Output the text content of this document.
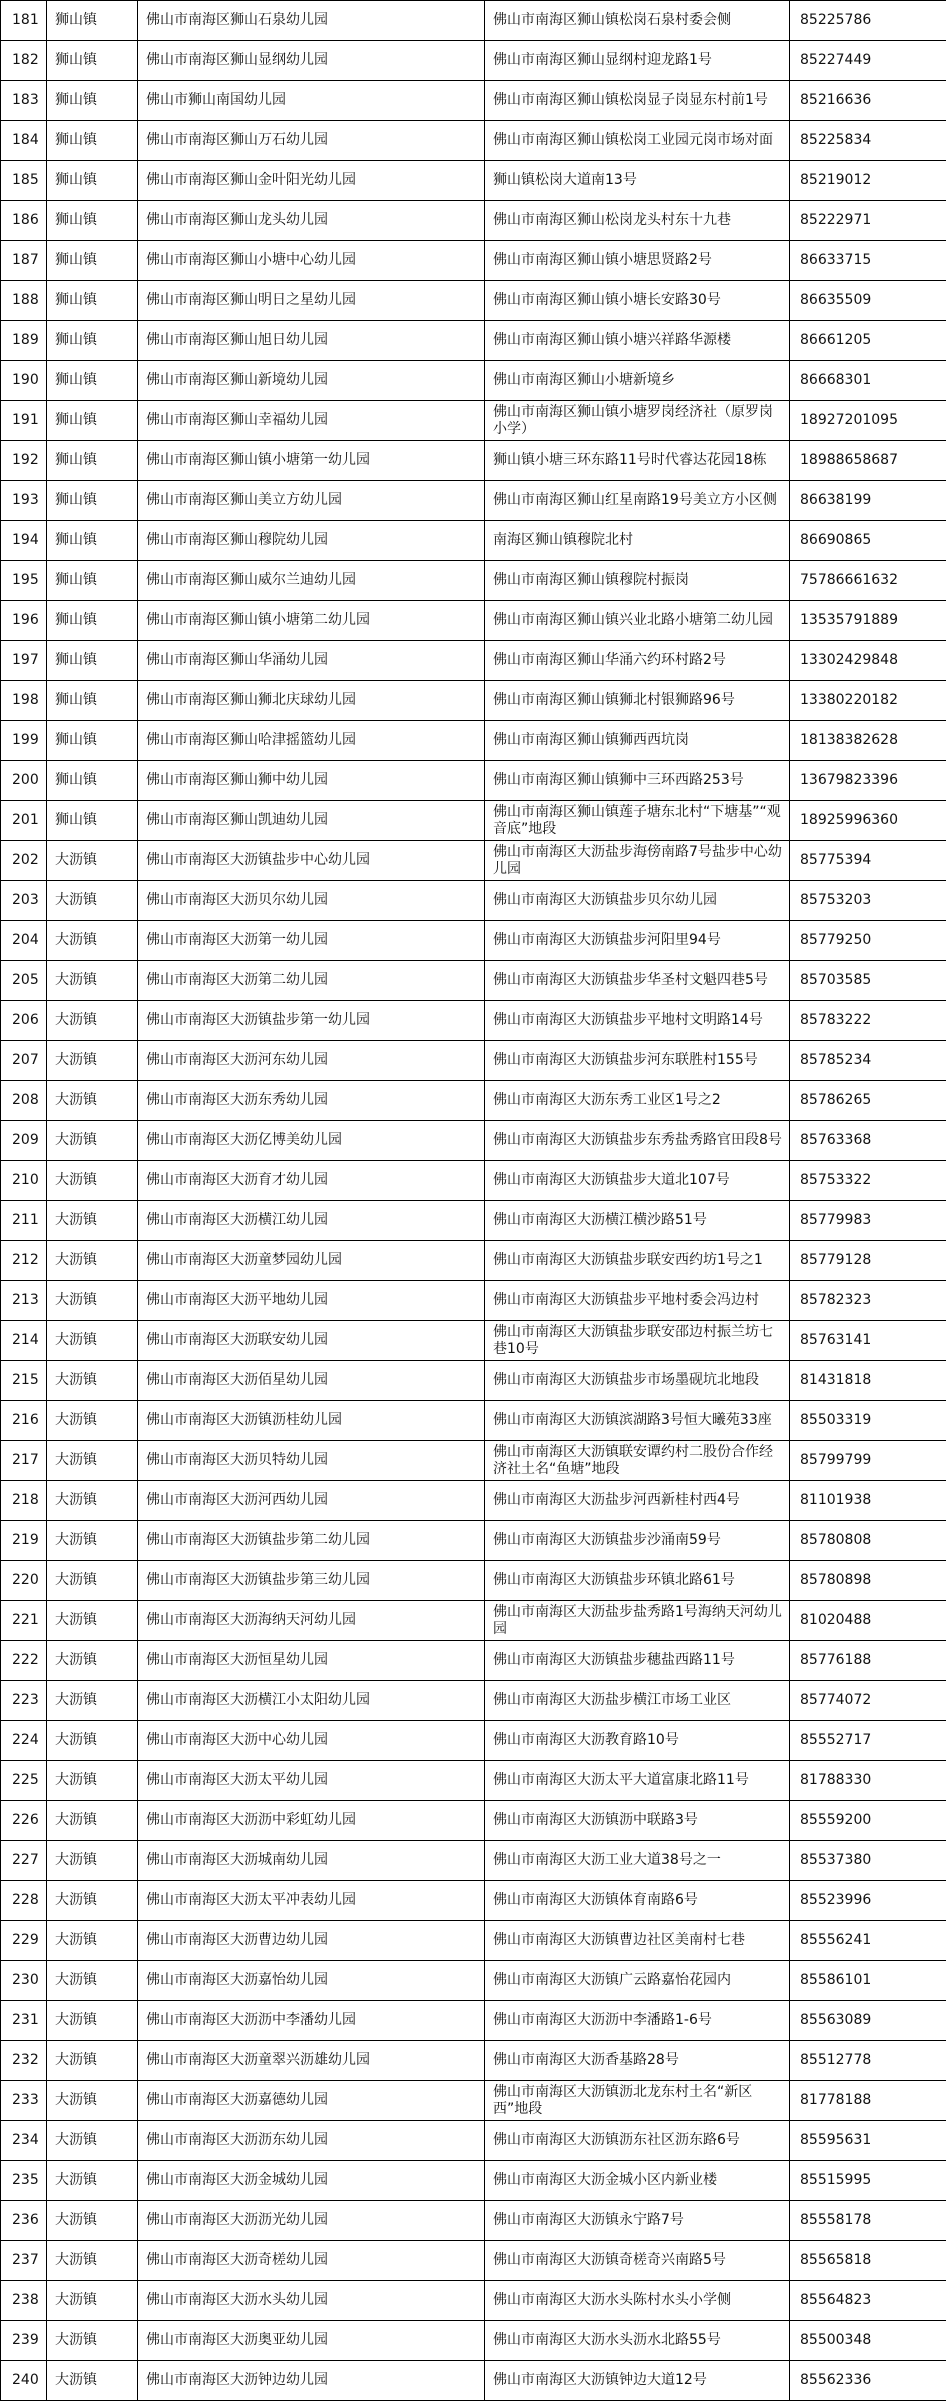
181	狮山镇	佛山市南海区狮山石泉幼儿园	佛山市南海区狮山镇松岗石泉村委会侧	85225786
182	狮山镇	佛山市南海区狮山显纲幼儿园	佛山市南海区狮山显纲村迎龙路1号	85227449
183	狮山镇	佛山市狮山南国幼儿园	佛山市南海区狮山镇松岗显子岗显东村前1号	85216636
184	狮山镇	佛山市南海区狮山万石幼儿园	佛山市南海区狮山镇松岗工业园元岗市场对面	85225834
185	狮山镇	佛山市南海区狮山金叶阳光幼儿园	狮山镇松岗大道南13号	85219012
186	狮山镇	佛山市南海区狮山龙头幼儿园	佛山市南海区狮山松岗龙头村东十九巷	85222971
187	狮山镇	佛山市南海区狮山小塘中心幼儿园	佛山市南海区狮山镇小塘思贤路2号	86633715
188	狮山镇	佛山市南海区狮山明日之星幼儿园	佛山市南海区狮山镇小塘长安路30号	86635509
189	狮山镇	佛山市南海区狮山旭日幼儿园	佛山市南海区狮山镇小塘兴祥路华源楼	86661205
190	狮山镇	佛山市南海区狮山新境幼儿园	佛山市南海区狮山小塘新境乡	86668301
191	狮山镇	佛山市南海区狮山幸福幼儿园	佛山市南海区狮山镇小塘罗岗经济社（原罗岗小学）	18927201095
192	狮山镇	佛山市南海区狮山镇小塘第一幼儿园	狮山镇小塘三环东路11号时代睿达花园18栋	18988658687
193	狮山镇	佛山市南海区狮山美立方幼儿园	佛山市南海区狮山红星南路19号美立方小区侧	86638199
194	狮山镇	佛山市南海区狮山穆院幼儿园	南海区狮山镇穆院北村	86690865
195	狮山镇	佛山市南海区狮山威尔兰迪幼儿园	佛山市南海区狮山镇穆院村振岗	75786661632
196	狮山镇	佛山市南海区狮山镇小塘第二幼儿园	佛山市南海区狮山镇兴业北路小塘第二幼儿园	13535791889
197	狮山镇	佛山市南海区狮山华涌幼儿园	佛山市南海区狮山华涌六约环村路2号	13302429848
198	狮山镇	佛山市南海区狮山狮北庆球幼儿园	佛山市南海区狮山镇狮北村银狮路96号	13380220182
199	狮山镇	佛山市南海区狮山哈津摇篮幼儿园	佛山市南海区狮山镇狮西西坑岗	18138382628
200	狮山镇	佛山市南海区狮山狮中幼儿园	佛山市南海区狮山镇狮中三环西路253号	13679823396
201	狮山镇	佛山市南海区狮山凯迪幼儿园	佛山市南海区狮山镇莲子塘东北村“下塘基”“观音底”地段	18925996360
202	大沥镇	佛山市南海区大沥镇盐步中心幼儿园	佛山市南海区大沥盐步海傍南路7号盐步中心幼儿园	85775394
203	大沥镇	佛山市南海区大沥贝尔幼儿园	佛山市南海区大沥镇盐步贝尔幼儿园	85753203
204	大沥镇	佛山市南海区大沥第一幼儿园	佛山市南海区大沥镇盐步河阳里94号	85779250
205	大沥镇	佛山市南海区大沥第二幼儿园	佛山市南海区大沥镇盐步华圣村文魁四巷5号	85703585
206	大沥镇	佛山市南海区大沥镇盐步第一幼儿园	佛山市南海区大沥镇盐步平地村文明路14号	85783222
207	大沥镇	佛山市南海区大沥河东幼儿园	佛山市南海区大沥镇盐步河东联胜村155号	85785234
208	大沥镇	佛山市南海区大沥东秀幼儿园	佛山市南海区大沥东秀工业区1号之2	85786265
209	大沥镇	佛山市南海区大沥亿博美幼儿园	佛山市南海区大沥镇盐步东秀盐秀路官田段8号	85763368
210	大沥镇	佛山市南海区大沥育才幼儿园	佛山市南海区大沥镇盐步大道北107号	85753322
211	大沥镇	佛山市南海区大沥横江幼儿园	佛山市南海区大沥横江横沙路51号	85779983
212	大沥镇	佛山市南海区大沥童梦园幼儿园	佛山市南海区大沥镇盐步联安西约坊1号之1	85779128
213	大沥镇	佛山市南海区大沥平地幼儿园	佛山市南海区大沥镇盐步平地村委会冯边村	85782323
214	大沥镇	佛山市南海区大沥联安幼儿园	佛山市南海区大沥镇盐步联安邵边村振兰坊七巷10号	85763141
215	大沥镇	佛山市南海区大沥佰星幼儿园	佛山市南海区大沥镇盐步市场墨砚坑北地段	81431818
216	大沥镇	佛山市南海区大沥镇沥桂幼儿园	佛山市南海区大沥镇滨湖路3号恒大曦苑33座	85503319
217	大沥镇	佛山市南海区大沥贝特幼儿园	佛山市南海区大沥镇联安谭约村二股份合作经济社土名“鱼塘”地段	85799799
218	大沥镇	佛山市南海区大沥河西幼儿园	佛山市南海区大沥盐步河西新桂村西4号	81101938
219	大沥镇	佛山市南海区大沥镇盐步第二幼儿园	佛山市南海区大沥镇盐步沙涌南59号	85780808
220	大沥镇	佛山市南海区大沥镇盐步第三幼儿园	佛山市南海区大沥镇盐步环镇北路61号	85780898
221	大沥镇	佛山市南海区大沥海纳天河幼儿园	佛山市南海区大沥盐步盐秀路1号海纳天河幼儿园	81020488
222	大沥镇	佛山市南海区大沥恒星幼儿园	佛山市南海区大沥镇盐步穗盐西路11号	85776188
223	大沥镇	佛山市南海区大沥横江小太阳幼儿园	佛山市南海区大沥盐步横江市场工业区	85774072
224	大沥镇	佛山市南海区大沥中心幼儿园	佛山市南海区大沥教育路10号	85552717
225	大沥镇	佛山市南海区大沥太平幼儿园	佛山市南海区大沥太平大道富康北路11号	81788330
226	大沥镇	佛山市南海区大沥沥中彩虹幼儿园	佛山市南海区大沥镇沥中联路3号	85559200
227	大沥镇	佛山市南海区大沥城南幼儿园	佛山市南海区大沥工业大道38号之一	85537380
228	大沥镇	佛山市南海区大沥太平冲表幼儿园	佛山市南海区大沥镇体育南路6号	85523996
229	大沥镇	佛山市南海区大沥曹边幼儿园	佛山市南海区大沥镇曹边社区美南村七巷	85556241
230	大沥镇	佛山市南海区大沥嘉怡幼儿园	佛山市南海区大沥镇广云路嘉怡花园内	85586101
231	大沥镇	佛山市南海区大沥沥中李潘幼儿园	佛山市南海区大沥沥中李潘路1-6号	85563089
232	大沥镇	佛山市南海区大沥童翠兴沥雄幼儿园	佛山市南海区大沥香基路28号	85512778
233	大沥镇	佛山市南海区大沥嘉德幼儿园	佛山市南海区大沥镇沥北龙东村土名“新区西”地段	81778188
234	大沥镇	佛山市南海区大沥沥东幼儿园	佛山市南海区大沥镇沥东社区沥东路6号	85595631
235	大沥镇	佛山市南海区大沥金城幼儿园	佛山市南海区大沥金城小区内新业楼	85515995
236	大沥镇	佛山市南海区大沥沥光幼儿园	佛山市南海区大沥镇永宁路7号	85558178
237	大沥镇	佛山市南海区大沥奇槎幼儿园	佛山市南海区大沥镇奇槎奇兴南路5号	85565818
238	大沥镇	佛山市南海区大沥水头幼儿园	佛山市南海区大沥水头陈村水头小学侧	85564823
239	大沥镇	佛山市南海区大沥奥亚幼儿园	佛山市南海区大沥水头沥水北路55号	85500348
240	大沥镇	佛山市南海区大沥钟边幼儿园	佛山市南海区大沥镇钟边大道12号	85562336
